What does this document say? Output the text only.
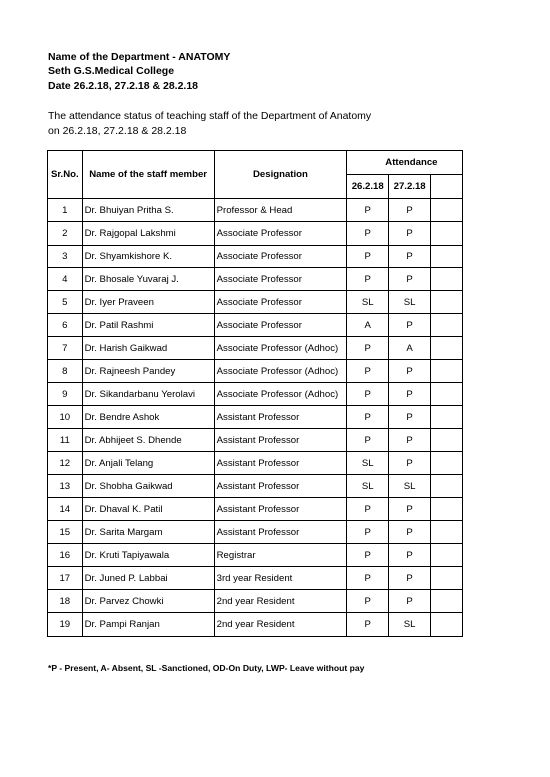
Name of the Department - ANATOMY
Seth G.S.Medical College
Date 26.2.18, 27.2.18 & 28.2.18
The attendance status of teaching staff of the Department of Anatomy
on 26.2.18, 27.2.18 & 28.2.18
Sr.No.	Name of the staff member	Designation	Attendance		
			26.2.18	27.2.18	
1	Dr. Bhuiyan Pritha S.	Professor & Head	P	P	
2	Dr. Rajgopal Lakshmi	Associate Professor	P	P	
3	Dr. Shyamkishore K.	Associate Professor	P	P	
4	Dr. Bhosale Yuvaraj J.	Associate Professor	P	P	
5	Dr. Iyer Praveen	Associate Professor	SL	SL	
6	Dr. Patil Rashmi	Associate Professor	A	P	
7	Dr. Harish Gaikwad	Associate Professor (Adhoc)	P	A	
8	Dr. Rajneesh Pandey	Associate Professor (Adhoc)	P	P	
9	Dr. Sikandarbanu Yerolavi	Associate Professor (Adhoc)	P	P	
10	Dr. Bendre Ashok	Assistant Professor	P	P	
11	Dr. Abhijeet S. Dhende	Assistant Professor	P	P	
12	Dr. Anjali Telang	Assistant Professor	SL	P	
13	Dr. Shobha Gaikwad	Assistant Professor	SL	SL	
14	Dr. Dhaval K. Patil	Assistant Professor	P	P	
15	Dr. Sarita Margam	Assistant Professor	P	P	
16	Dr. Kruti Tapiyawala	Registrar	P	P	
17	Dr. Juned P. Labbai	3rd year Resident	P	P	
18	Dr. Parvez Chowki	2nd year Resident	P	P	
19	Dr. Pampi Ranjan	2nd year Resident	P	SL	
*P - Present, A- Absent, SL -Sanctioned, OD-On Duty, LWP- Leave without pay
